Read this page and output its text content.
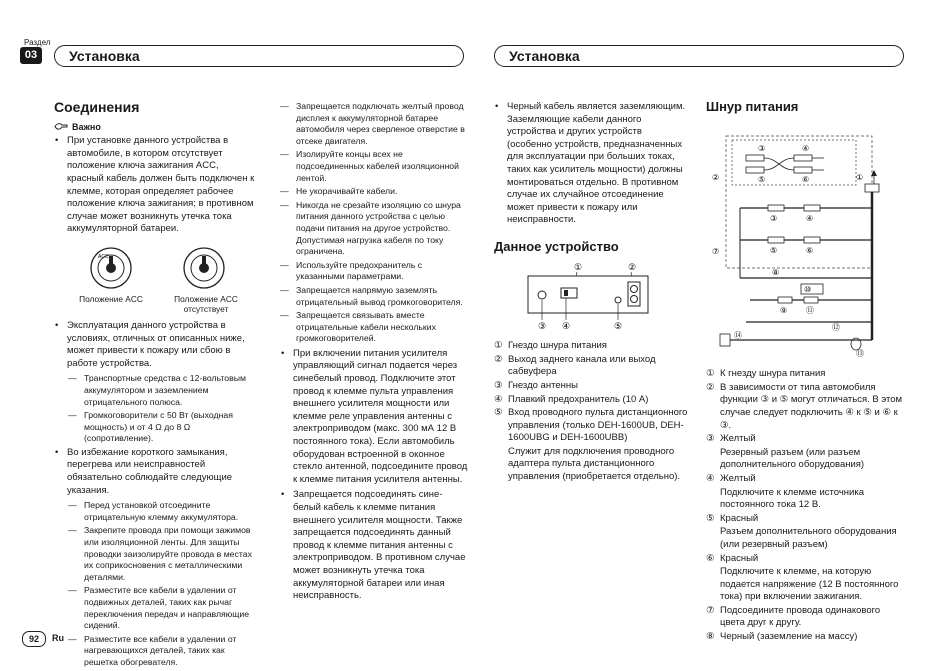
Раздел
03	Установка	Установка
Соединения
Важно
• При установке данного устройства в автомобиле, в котором отсутствует положение ключа зажигания ACC, красный кабель должен быть подключен к клемме, которая определяет рабочее положение ключа зажигания; в противном случае может возникнуть утечка тока аккумуляторной батареи.
ACC
Положение ACC	Положение ACC отсутствует
• Эксплуатация данного устройства в условиях, отличных от описанных ниже, может привести к пожару или сбою в работе устройства.
— Транспортные средства с 12-вольтовым аккумулятором и заземлением отрицательного полюса.
— Громкоговорители с 50 Вт (выходная мощность) и от 4 Ω до 8 Ω (сопротивление).
• Во избежание короткого замыкания, перегрева или неисправностей обязательно соблюдайте следующие указания.
— Перед установкой отсоедините отрицательную клемму аккумулятора.
— Закрепите провода при помощи зажимов или изоляционной ленты. Для защиты проводки заизолируйте провода в местах их соприкосновения с металлическими деталями.
— Разместите все кабели в удалении от подвижных деталей, таких как рычаг переключения передач и направляющие сидений.
— Разместите все кабели в удалении от нагревающихся деталей, таких как решетка обогревателя.
— Запрещается подключать желтый провод дисплея к аккумуляторной батарее автомобиля через сверленое отверстие в отсеке двигателя.
— Изолируйте концы всех не подсоединенных кабелей изоляционной лентой.
— Не укорачивайте кабели.
— Никогда не срезайте изоляцию со шнура питания данного устройства с целью подачи питания на другое устройство. Допустимая нагрузка кабеля по току ограничена.
— Используйте предохранитель с указанными параметрами.
— Запрещается напрямую заземлять отрицательный вывод громкоговорителя.
— Запрещается связывать вместе отрицательные кабели нескольких громкоговорителей.
• При включении питания усилителя управляющий сигнал подается через синебелый провод. Подключите этот провод к клемме пульта управления внешнего усилителя мощности или клемме реле управления антенны с электроприводом (макс. 300 мА 12 В постоянного тока). Если автомобиль оборудован встроенной в оконное стекло антенной, подсоедините провод к клемме питания усилителя антенны.
• Запрещается подсоединять сине-белый кабель к клемме питания внешнего усилителя мощности. Также запрещается подсоединять данный провод к клемме питания антенны с электроприводом. В противном случае может возникнуть утечка тока аккумуляторной батареи или иная неисправность.
• Черный кабель является заземляющим. Заземляющие кабели данного устройства и других устройств (особенно устройств, предназначенных для эксплуатации при больших токах, таких как усилитель мощности) должны монтироваться отдельно. В противном случае их случайное отсоединение может привести к пожару или неисправности.
Данное устройство
①	②
③ ④	⑤
① Гнездо шнура питания
② Выход заднего канала или выход сабвуфера
③ Гнездо антенны
④ Плавкий предохранитель (10 A)
⑤ Вход проводного пульта дистанционного управления (только DEH-1600UB, DEH-1600UBG и DEH-1600UBB)
Служит для подключения проводного адаптера пульта дистанционного управления (приобретается отдельно).
Шнур питания
③	④
②	⑤	⑥	①
③	④
⑤	⑥
⑦
⑧
⑩
⑨ ⑪
⑫
⑭
⑬
① К гнезду шнура питания
② В зависимости от типа автомобиля функции ③ и ⑤ могут отличаться. В этом случае следует подключить ④ к ⑤ и ⑥ к ③.
③ Желтый
Резервный разъем (или разъем дополнительного оборудования)
④ Желтый
Подключите к клемме источника постоянного тока 12 В.
⑤ Красный
Разъем дополнительного оборудования (или резервный разъем)
⑥ Красный
Подключите к клемме, на которую подается напряжение (12 В постоянного тока) при включении зажигания.
⑦ Подсоедините провода одинакового цвета друг к другу.
⑧ Черный (заземление на массу)
92	Ru
